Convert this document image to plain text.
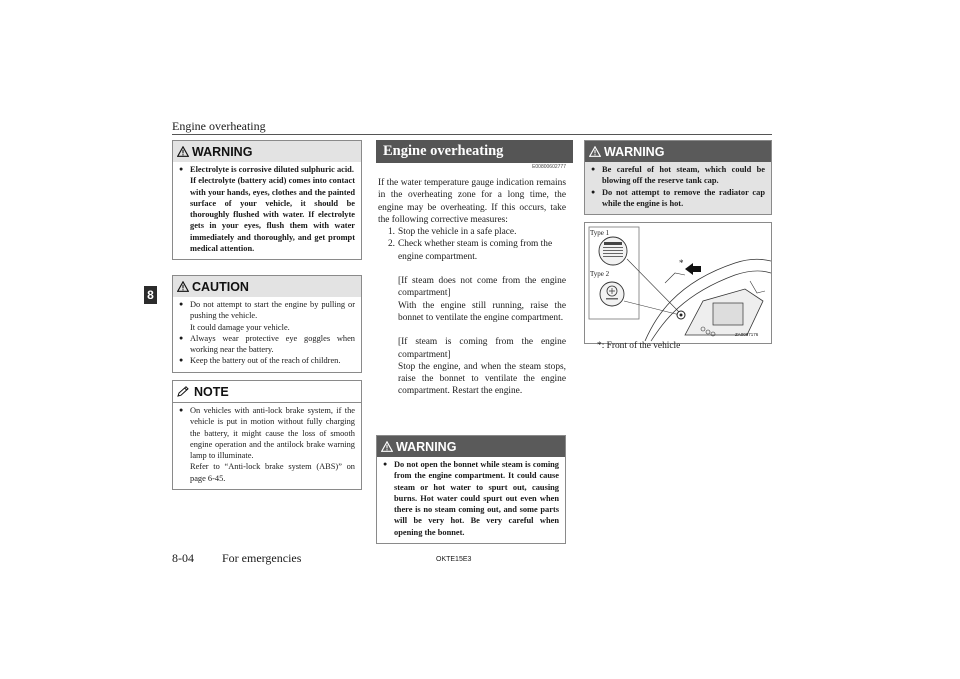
Engine overheating
8
WARNING
● Electrolyte is corrosive diluted sulphuric acid.
If electrolyte (battery acid) comes into contact with your hands, eyes, clothes and the painted surface of your vehicle, it should be thoroughly flushed with water. If electrolyte gets in your eyes, flush them with water immediately and thoroughly, and get prompt medical attention.
CAUTION
● Do not attempt to start the engine by pulling or pushing the vehicle.
It could damage your vehicle.
● Always wear protective eye goggles when working near the battery.
● Keep the battery out of the reach of children.
NOTE
● On vehicles with anti-lock brake system, if the vehicle is put in motion without fully charging the battery, it might cause the loss of smooth engine operation and the antilock brake warning lamp to illuminate.
Refer to “Anti-lock brake system (ABS)” on page 6-45.
Engine overheating
E00800602777

If the water temperature gauge indication remains in the overheating zone for a long time, the engine may be overheating. If this occurs, take the following corrective measures:

1. Stop the vehicle in a safe place.
2. Check whether steam is coming from the engine compartment.

[If steam does not come from the engine compartment]

With the engine still running, raise the bonnet to ventilate the engine compartment.

[If steam is coming from the engine compartment]

Stop the engine, and when the steam stops, raise the bonnet to ventilate the engine compartment. Restart the engine.

WARNING
● Do not open the bonnet while steam is coming from the engine compartment. It could cause steam or hot water to spurt out, causing burns. Hot water could spurt out even when there is no steam coming out, and some parts will be very hot. Be very careful when opening the bonnet.
WARNING
● Be careful of hot steam, which could be blowing off the reserve tank cap.
● Do not attempt to remove the radiator cap while the engine is hot.
Type 1
Type 2
*
ZA0067176
*: Front of the vehicle
8-04 For emergencies	OKTE15E3
